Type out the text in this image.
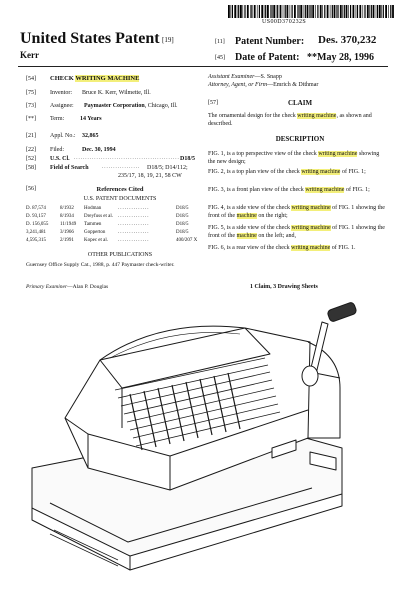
US00D370232S
United States Patent [19]
Kerr
[11] Patent Number: Des. 370,232
[45] Date of Patent: **May 28, 1996
[54] CHECK WRITING MACHINE
[75] Inventor: Bruce K. Kerr, Wilmette, Ill.
[73] Assignee: Paymaster Corporation, Chicago, Ill.
[**] Term:	14 Years
[21] Appl. No.: 32,865
[22] Filed:	Dec. 30, 1994
[52] U.S. Cl. ............................................... D18/5
[58] Field of Search	................. D18/5; D14/112;
235/17, 18, 19, 21, 58 CW
[56]	References Cited
U.S. PATENT DOCUMENTS
D. 87,574	8/1932	Hodman	D18/5
..............
D. 93,157	8/1934	Dreyfuss et al.	D18/5
..............
D. 156,055	11/1949	Tammen	D18/5
..............
3,241,481	3/1966	Gopperton	D18/5
..............
4,595,315	2/1991	Kopec et al.	400/207 X
..............
OTHER PUBLICATIONS
Guernsey Office Supply Cat., 1988, p. 447 Paymaster check-writer.
Primary Examiner—Alan P. Douglas
Assistant Examiner—S. Snapp
Attorney, Agent, or Firm—Emrich & Dithmar
[57]	CLAIM
The ornamental design for the check writing machine, as shown and described.
DESCRIPTION
FIG. 1, is a top perspective view of the check writing machine showing the new design;
FIG. 2, is a top plan view of the check writing machine of FIG. 1;
FIG. 3, is a front plan view of the check writing machine of FIG. 1;
FIG. 4, is a side view of the check writing machine of FIG. 1 showing the front of the machine on the right;
FIG. 5, is a side view of the check writing machine of FIG. 1 showing the front of the machine on the left; and,
FIG. 6, is a rear view of the check writing machine of FIG. 1.
1 Claim, 3 Drawing Sheets
